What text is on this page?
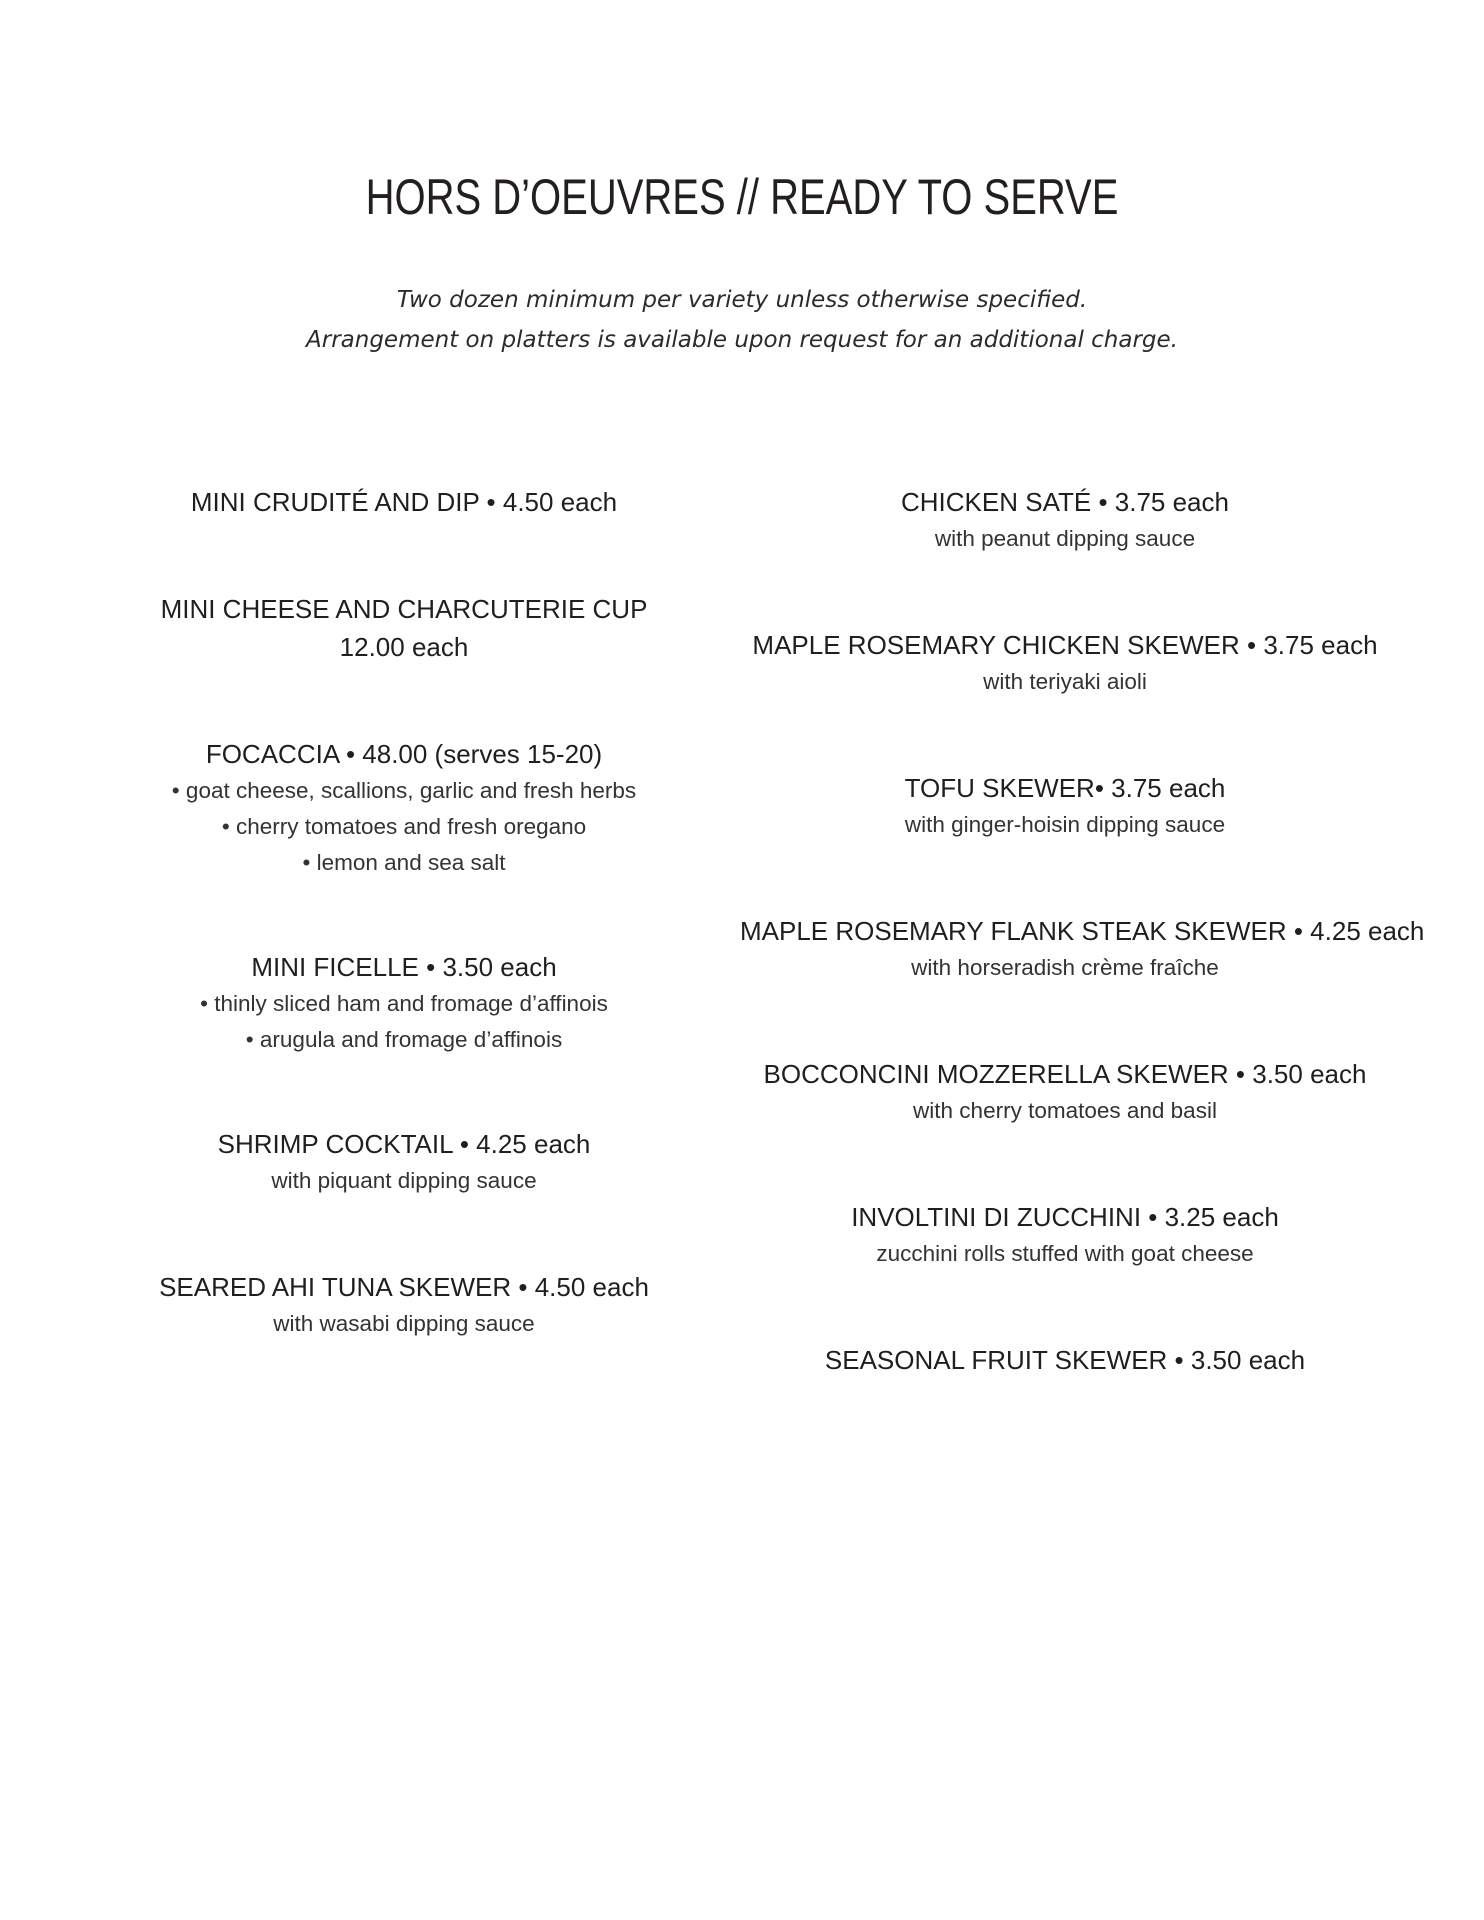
HORS D’OEUVRES // READY TO SERVE
Two dozen minimum per variety unless otherwise specified.
Arrangement on platters is available upon request for an additional charge.
MINI CRUDITÉ AND DIP • 4.50 each
MINI CHEESE AND CHARCUTERIE CUP
12.00 each
FOCACCIA • 48.00 (serves 15-20)
• goat cheese, scallions, garlic and fresh herbs
• cherry tomatoes and fresh oregano
• lemon and sea salt
MINI FICELLE • 3.50 each
• thinly sliced ham and fromage d’affinois
• arugula and fromage d’affinois
SHRIMP COCKTAIL • 4.25 each
with piquant dipping sauce
SEARED AHI TUNA SKEWER • 4.50 each
with wasabi dipping sauce
CHICKEN SATÉ • 3.75 each
with peanut dipping sauce
MAPLE ROSEMARY CHICKEN SKEWER • 3.75 each
with teriyaki aioli
TOFU SKEWER• 3.75 each
with ginger-hoisin dipping sauce
MAPLE ROSEMARY FLANK STEAK SKEWER • 4.25 each
with horseradish crème fraîche
BOCCONCINI MOZZERELLA SKEWER • 3.50 each
with cherry tomatoes and basil
INVOLTINI DI ZUCCHINI • 3.25 each
zucchini rolls stuffed with goat cheese
SEASONAL FRUIT SKEWER • 3.50 each
